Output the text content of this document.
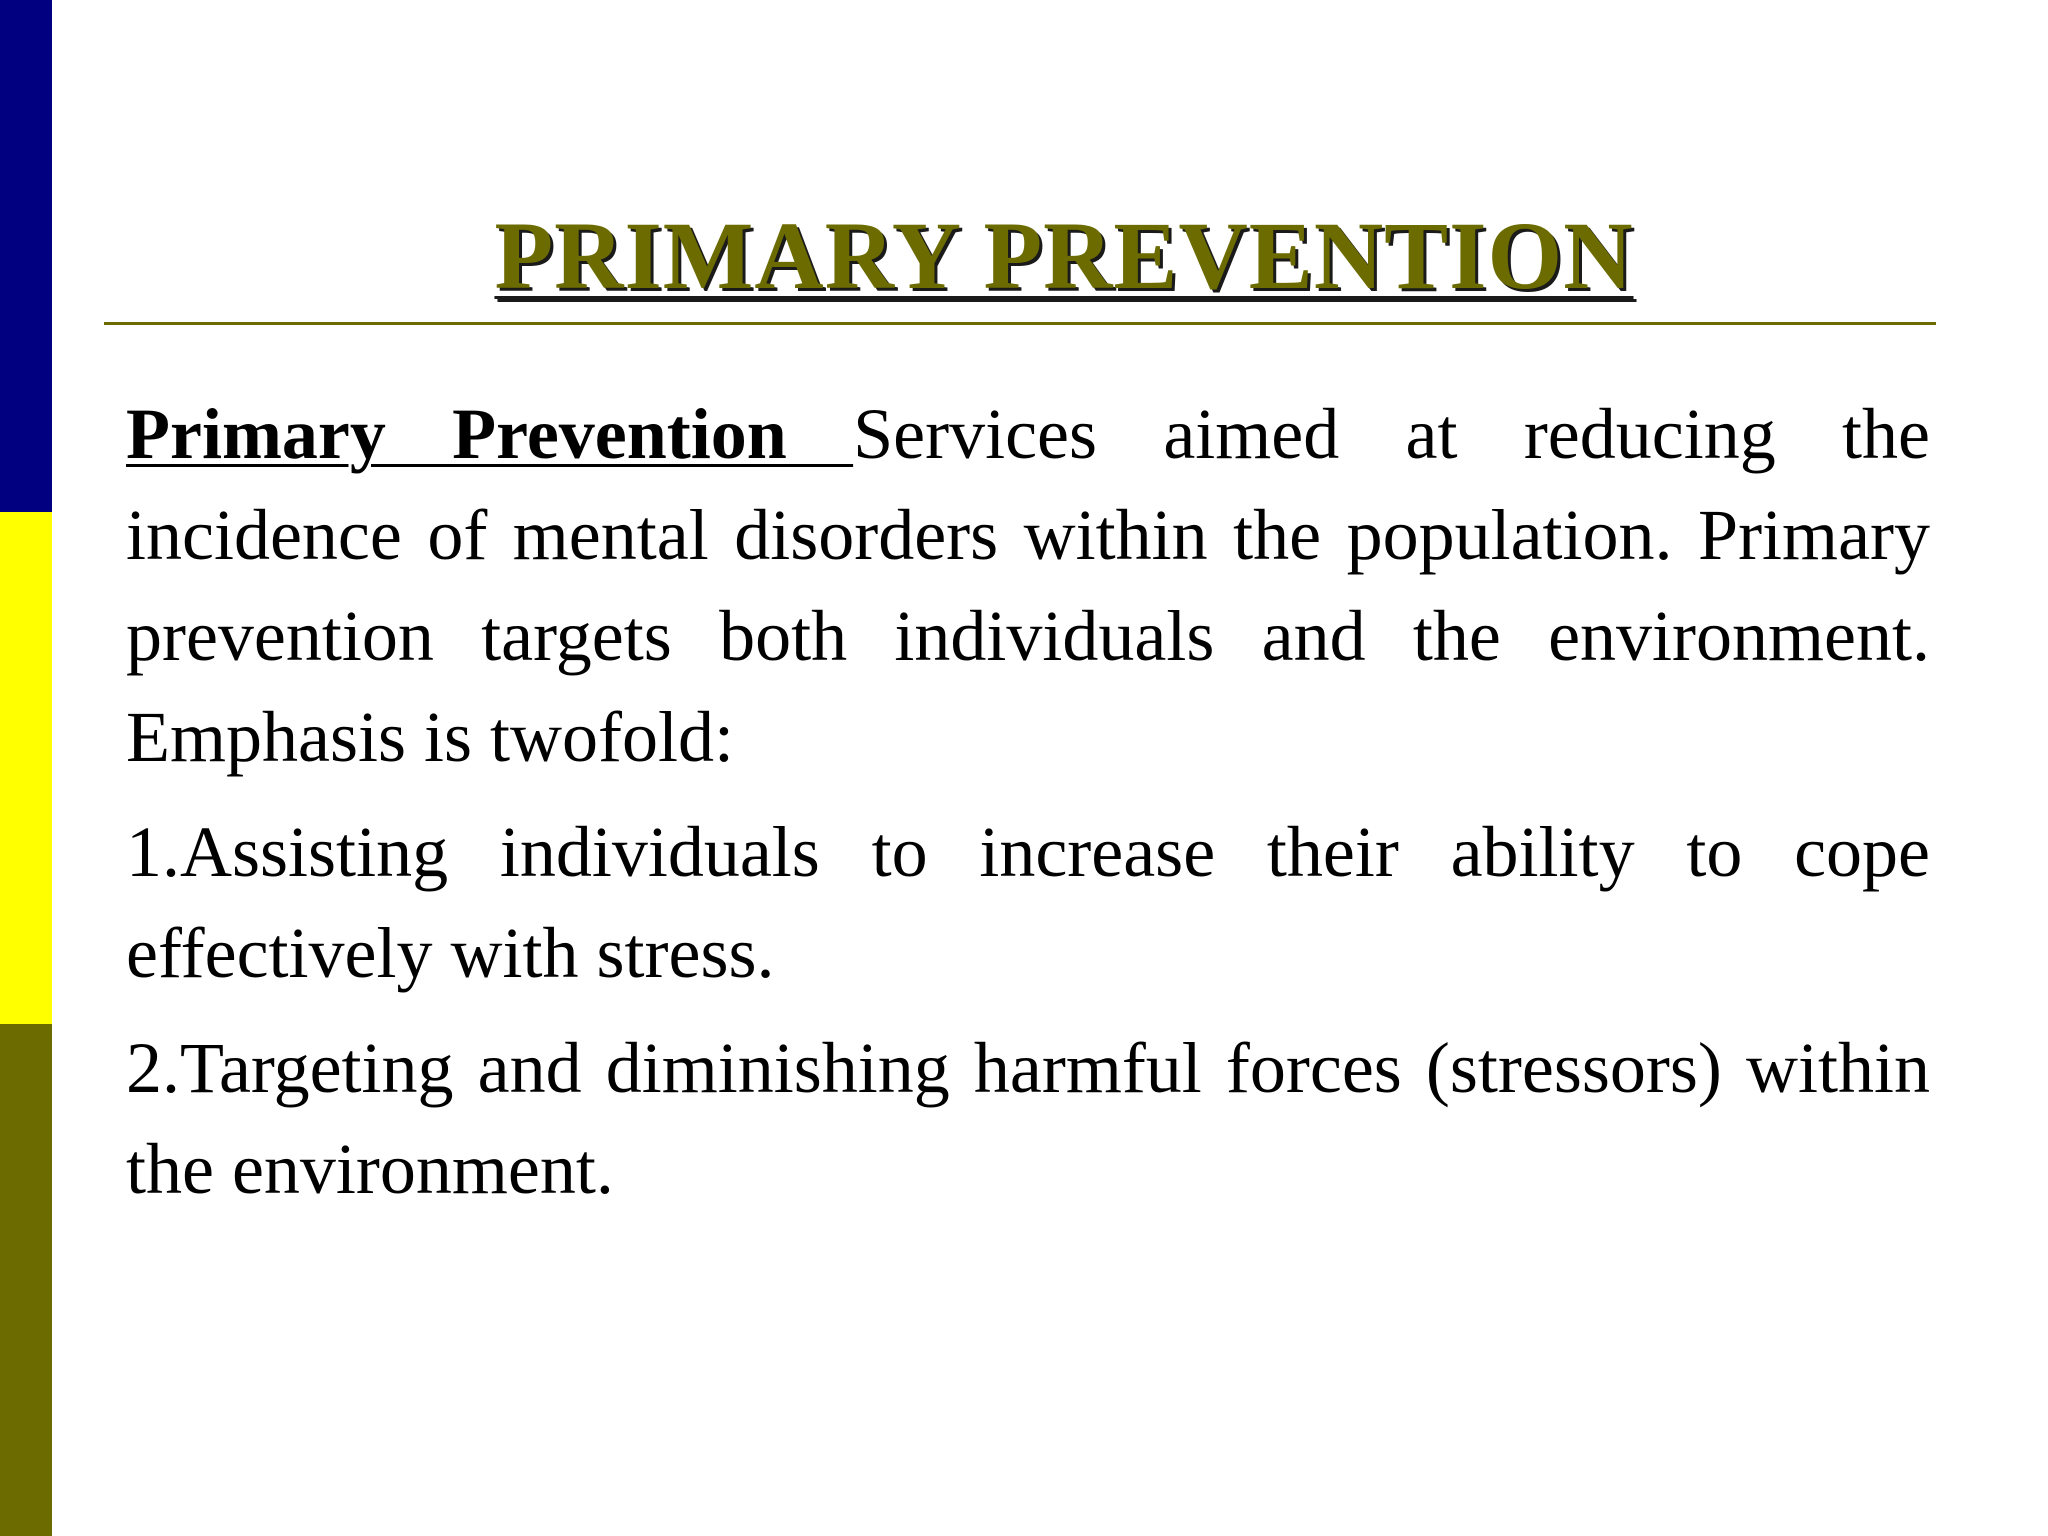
PRIMARY PREVENTION

Primary Prevention Services aimed at reducing the incidence of mental disorders within the population. Primary prevention targets both individuals and the environment. Emphasis is twofold:

1.Assisting individuals to increase their ability to cope effectively with stress.

2.Targeting and diminishing harmful forces (stressors) within the environment.
